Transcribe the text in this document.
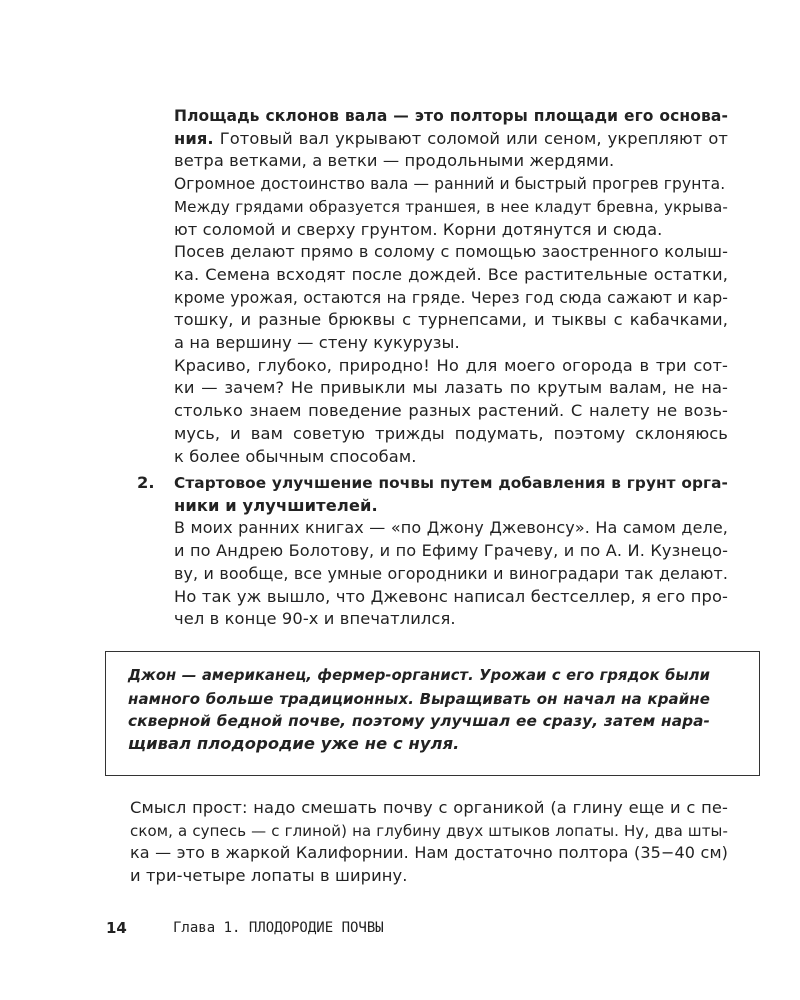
Площадь склонов вала — это полторы площади его основа-
ния. Готовый вал укрывают соломой или сеном, укрепляют от
ветра ветками, а ветки — продольными жердями.
Огромное достоинство вала — ранний и быстрый прогрев грунта.
Между грядами образуется траншея, в нее кладут бревна, укрыва-
ют соломой и сверху грунтом. Корни дотянутся и сюда.
Посев делают прямо в солому с помощью заостренного колыш-
ка. Семена всходят после дождей. Все растительные остатки,
кроме урожая, остаются на гряде. Через год сюда сажают и кар-
тошку, и разные брюквы с турнепсами, и тыквы с кабачками,
а на вершину — стену кукурузы.
Красиво, глубоко, природно! Но для моего огорода в три сот-
ки — зачем? Не привыкли мы лазать по крутым валам, не на-
столько знаем поведение разных растений. С налету не возь-
мусь, и вам советую трижды подумать, поэтому склоняюсь
к более обычным способам.
2. Стартовое улучшение почвы путем добавления в грунт орга-
ники и улучшителей.
В моих ранних книгах — «по Джону Джевонсу». На самом деле,
и по Андрею Болотову, и по Ефиму Грачеву, и по А. И. Кузнецо-
ву, и вообще, все умные огородники и виноградари так делают.
Но так уж вышло, что Джевонс написал бестселлер, я его про-
чел в конце 90-х и впечатлился.
Джон — американец, фермер-органист. Урожаи с его грядок были
намного больше традиционных. Выращивать он начал на крайне
скверной бедной почве, поэтому улучшал ее сразу, затем нара-
щивал плодородие уже не с нуля.
Смысл прост: надо смешать почву с органикой (а глину еще и с пе-
ском, а супесь — с глиной) на глубину двух штыков лопаты. Ну, два шты-
ка — это в жаркой Калифорнии. Нам достаточно полтора (35−40 см)
и три-четыре лопаты в ширину.
14	Глава 1. ПЛОДОРОДИЕ ПОЧВЫ
